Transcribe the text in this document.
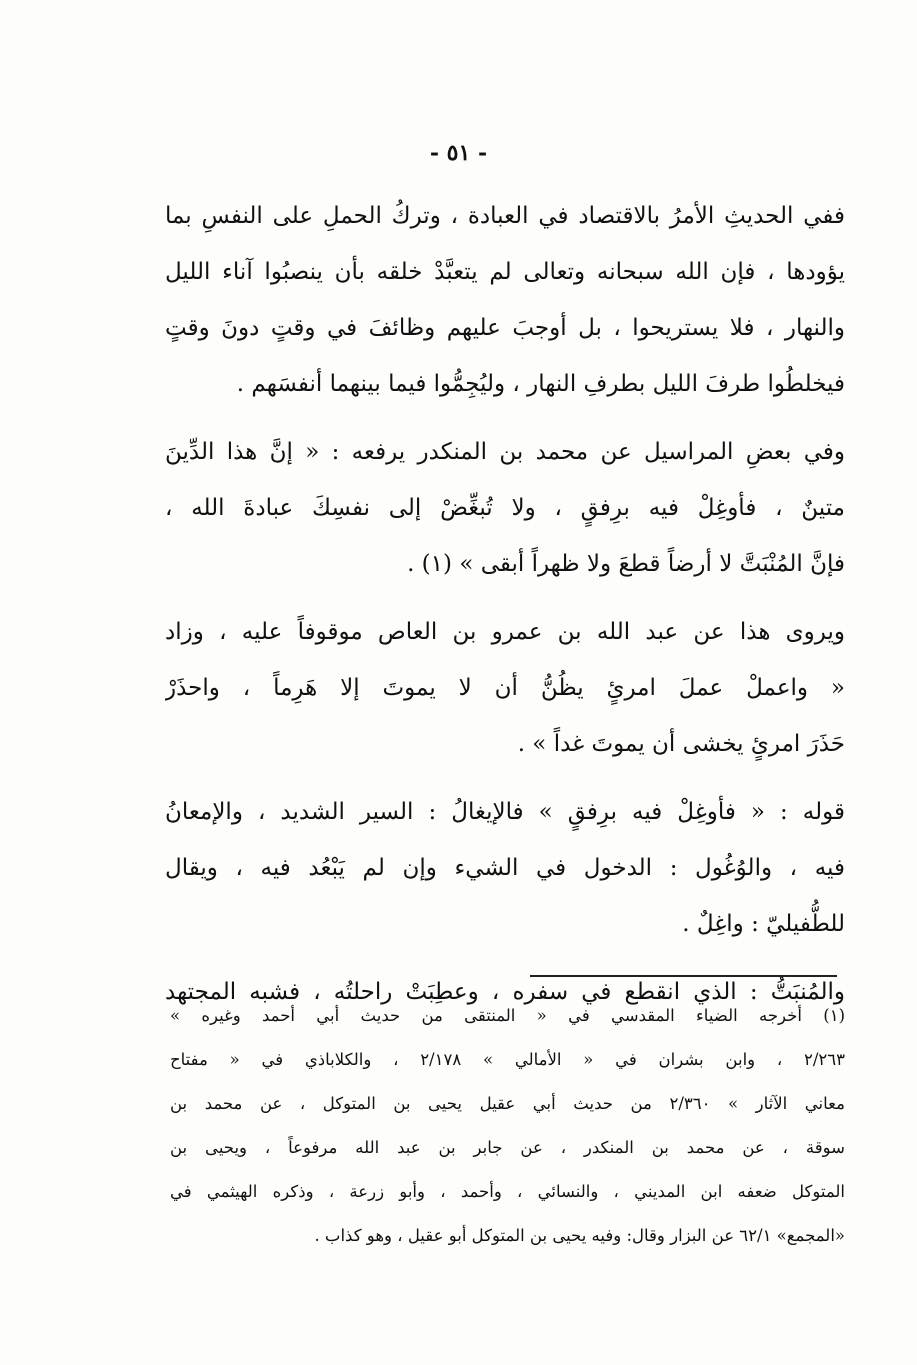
- ٥١ -
ففي الحديثِ الأمرُ بالاقتصاد في العبادة ، وتركُ الحملِ على النفسِ بما
يؤودها ، فإن الله سبحانه وتعالى لم يتعبَّدْ خلقه بأن ينصبُوا آناء الليل
والنهار ، فلا يستريحوا ، بل أوجبَ عليهم وظائفَ في وقتٍ دونَ وقتٍ
فيخلطُوا طرفَ الليل بطرفِ النهار ، وليُجِمُّوا فيما بينهما أنفسَهم .
وفي بعضِ المراسيل عن محمد بن المنكدر يرفعه : « إنَّ هذا الدِّينَ
متينٌ ، فأوغِلْ فيه برِفقٍ ، ولا تُبغِّضْ إلى نفسِكَ عبادةَ الله ،
فإنَّ المُنْبَتَّ لا أرضاً قطعَ ولا ظهراً أبقى » (١) .
ويروى هذا عن عبد الله بن عمرو بن العاص موقوفاً عليه ، وزاد
« واعملْ عملَ امرئٍ يظُنُّ أن لا يموتَ إلا هَرِماً ، واحذَرْ
حَذَرَ امرئٍ يخشى أن يموتَ غداً » .
قوله : « فأوغِلْ فيه برِفقٍ » فالإيغالُ : السير الشديد ، والإمعانُ
فيه ، والوُغُول : الدخول في الشيء وإن لم يَبْعُد فيه ، ويقال
للطُّفيليّ : واغِلٌ .
والمُنبَتُّ : الذي انقطع في سفره ، وعطِبَتْ راحلتُه ، فشبه المجتهد
(١) أخرجه الضياء المقدسي في « المنتقى من حديث أبي أحمد وغيره »
٢/٢٦٣ ، وابن بشران في « الأمالي » ٢/١٧٨ ، والكلاباذي في « مفتاح
معاني الآثار » ٢/٣٦٠ من حديث أبي عقيل يحيى بن المتوكل ، عن محمد بن
سوقة ، عن محمد بن المنكدر ، عن جابر بن عبد الله مرفوعاً ، ويحيى بن
المتوكل ضعفه ابن المديني ، والنسائي ، وأحمد ، وأبو زرعة ، وذكره الهيثمي في
«المجمع» ٦٢/١ عن البزار وقال: وفيه يحيى بن المتوكل أبو عقيل ، وهو كذاب .
